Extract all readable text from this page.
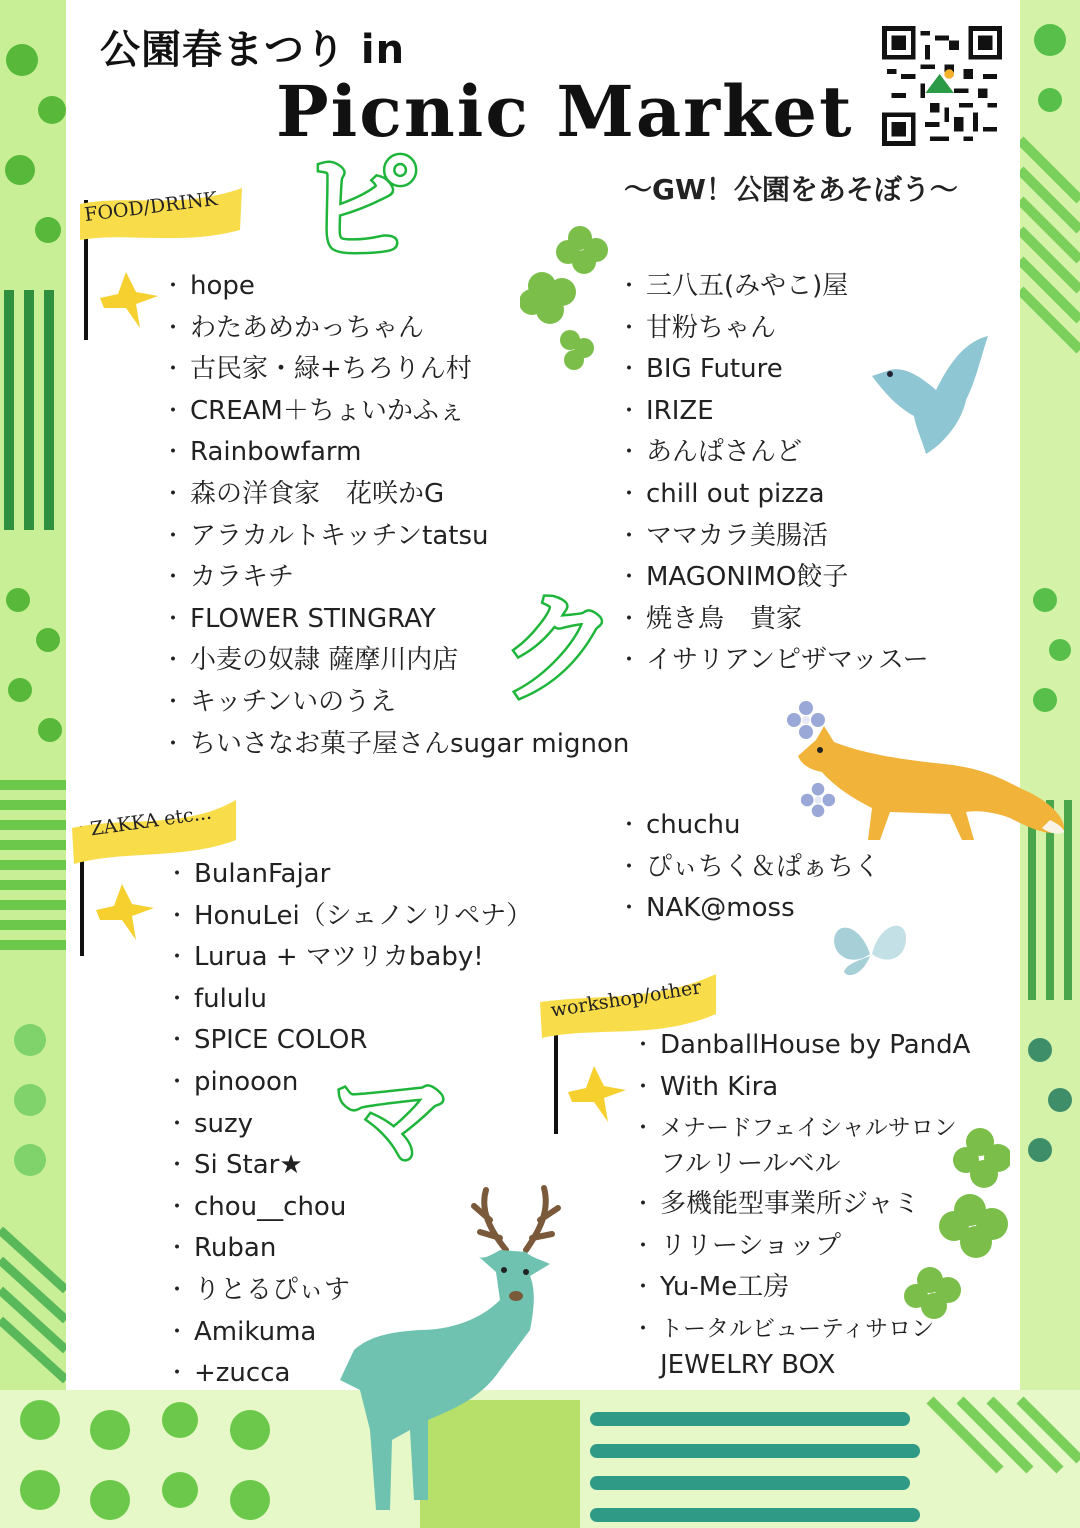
公園春まつり in
Picnic Market
～GW！公園をあそぼう～
ピ
ク
マ
FOOD/DRINK
・ hope
・ わたあめかっちゃん
・ 古民家・緑+ちろりん村
・ CREAM＋ちょいかふぇ
・ Rainbowfarm
・ 森の洋食家　花咲かG
・ アラカルトキッチンtatsu
・ カラキチ
・ FLOWER STINGRAY
・ 小麦の奴隷 薩摩川内店
・ キッチンいのうえ
・ ちいさなお菓子屋さんsugar mignon
・ 三八五(みやこ)屋
・ 甘粉ちゃん
・ BIG Future
・ IRIZE
・ あんぱさんど
・ chill out pizza
・ ママカラ美腸活
・ MAGONIMO餃子
・ 焼き鳥　貴家
・ イサリアンピザマッスー
ZAKKA etc...
・ BulanFajar
・ HonuLei（シェノンリペナ）
・ Lurua + マツリカbaby!
・ fululu
・ SPICE COLOR
・ pinooon
・ suzy
・ Si Star★
・ chou__chou
・ Ruban
・ りとるぴぃす
・ Amikuma
・ +zucca
・ chuchu
・ ぴぃちく＆ぱぁちく
・ NAK@moss
workshop/other
・ DanballHouse by PandA
・ With Kira
・ メナードフェイシャルサロン
フルリールベル
・ 多機能型事業所ジャミ
・ リリーショップ
・ Yu-Me工房
・ トータルビューティサロン
JEWELRY BOX
